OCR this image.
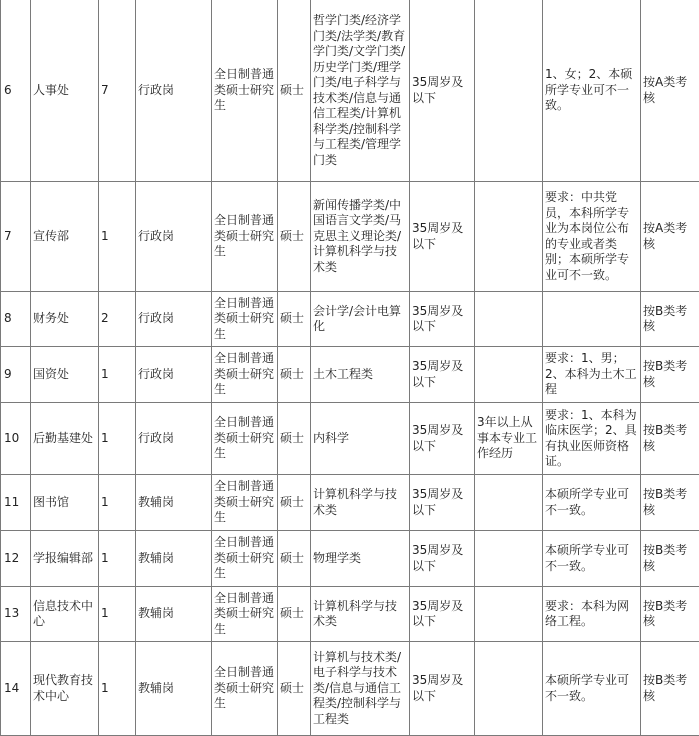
6	人事处	7	行政岗	全日制普通类硕士研究生	硕士	哲学门类/经济学门类/法学类/教育学门类/文学门类/历史学门类/理学门类/电子科学与技术类/信息与通信工程类/计算机科学类/控制科学与工程类/管理学门类	35周岁及以下		1、女；2、本硕所学专业可不一致。	按A类考核
7	宣传部	1	行政岗	全日制普通类硕士研究生	硕士	新闻传播学类/中国语言文学类/马克思主义理论类/计算机科学与技术类	35周岁及以下		要求：中共党员，本科所学专业为本岗位公布的专业或者类别；本硕所学专业可不一致。	按A类考核
8	财务处	2	行政岗	全日制普通类硕士研究生	硕士	会计学/会计电算化	35周岁及以下			按B类考核
9	国资处	1	行政岗	全日制普通类硕士研究生	硕士	土木工程类	35周岁及以下		要求：1、男；2、本科为土木工程	按B类考核
10	后勤基建处	1	行政岗	全日制普通类硕士研究生	硕士	内科学	35周岁及以下	3年以上从事本专业工作经历	要求：1、本科为临床医学；2、具有执业医师资格证。	按B类考核
11	图书馆	1	教辅岗	全日制普通类硕士研究生	硕士	计算机科学与技术类	35周岁及以下		本硕所学专业可不一致。	按B类考核
12	学报编辑部	1	教辅岗	全日制普通类硕士研究生	硕士	物理学类	35周岁及以下		本硕所学专业可不一致。	按B类考核
13	信息技术中心	1	教辅岗	全日制普通类硕士研究生	硕士	计算机科学与技术类	35周岁及以下		要求：本科为网络工程。	按B类考核
14	现代教育技术中心	1	教辅岗	全日制普通类硕士研究生	硕士	计算机与技术类/电子科学与技术类/信息与通信工程类/控制科学与工程类	35周岁及以下		本硕所学专业可不一致。	按B类考核
